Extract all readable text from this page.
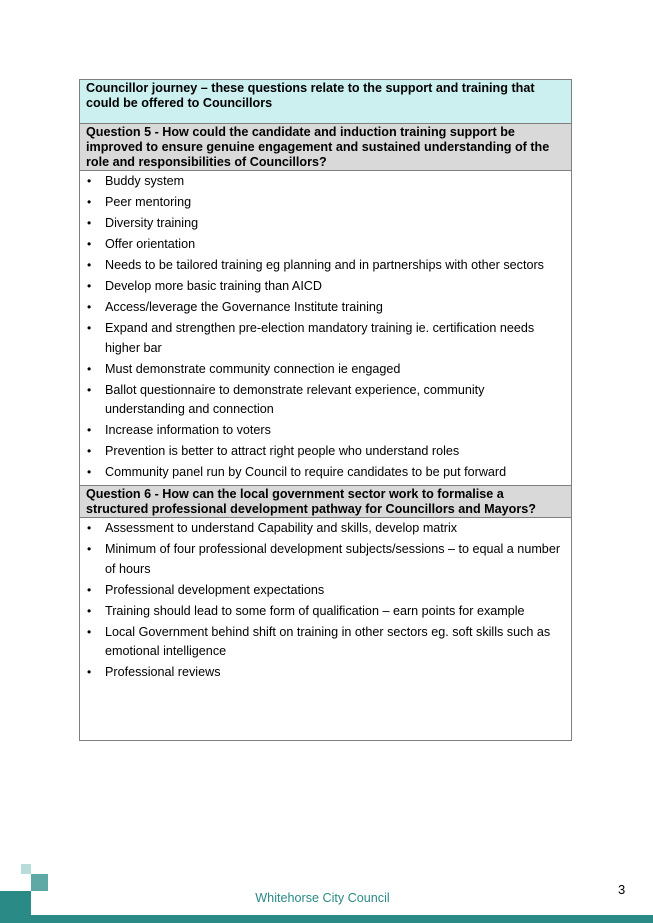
Councillor journey – these questions relate to the support and training that could be offered to Councillors
Question 5 - How could the candidate and induction training support be improved to ensure genuine engagement and sustained understanding of the role and responsibilities of Councillors?
• Buddy system
• Peer mentoring
• Diversity training
• Offer orientation
• Needs to be tailored training eg planning and in partnerships with other sectors
• Develop more basic training than AICD
• Access/leverage the Governance Institute training
• Expand and strengthen pre-election mandatory training ie. certification needs higher bar
• Must demonstrate community connection ie engaged
• Ballot questionnaire to demonstrate relevant experience, community understanding and connection
• Increase information to voters
• Prevention is better to attract right people who understand roles
• Community panel run by Council to require candidates to be put forward
Question 6 - How can the local government sector work to formalise a structured professional development pathway for Councillors and Mayors?
• Assessment to understand Capability and skills, develop matrix
• Minimum of four professional development subjects/sessions – to equal a number of hours
• Professional development expectations
• Training should lead to some form of qualification – earn points for example
• Local Government behind shift on training in other sectors eg. soft skills such as emotional intelligence
• Professional reviews
Whitehorse City Council
3
